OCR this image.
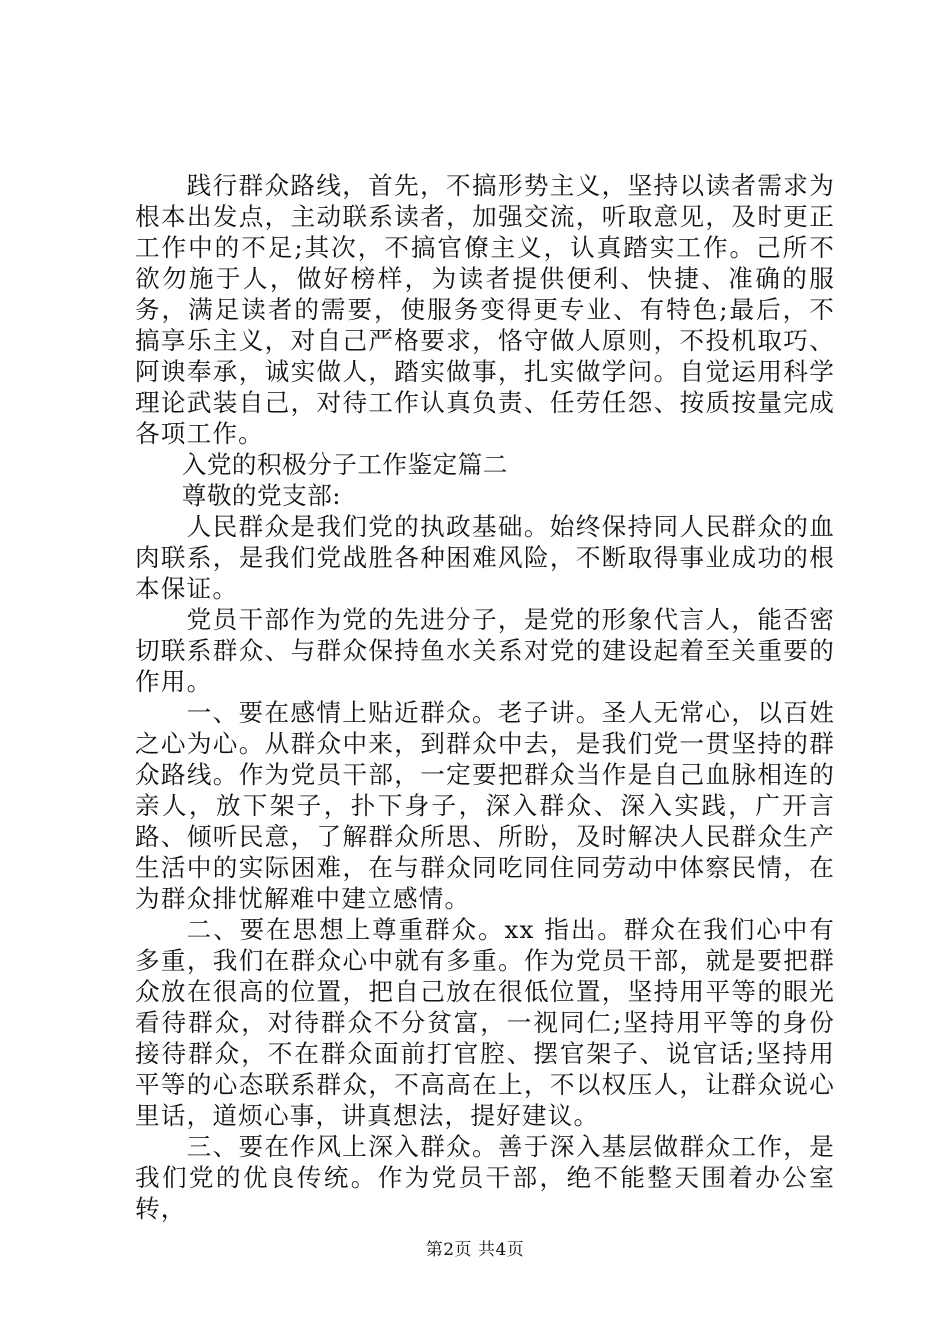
践行群众路线，首先，不搞形势主义，坚持以读者需求为根本出发点，主动联系读者，加强交流，听取意见，及时更正工作中的不足;其次，不搞官僚主义，认真踏实工作。己所不欲勿施于人，做好榜样，为读者提供便利、快捷、准确的服务，满足读者的需要，使服务变得更专业、有特色;最后，不搞享乐主义，对自己严格要求，恪守做人原则，不投机取巧、阿谀奉承，诚实做人，踏实做事，扎实做学问。自觉运用科学理论武装自己，对待工作认真负责、任劳任怨、按质按量完成各项工作。

入党的积极分子工作鉴定篇二

尊敬的党支部:

人民群众是我们党的执政基础。始终保持同人民群众的血肉联系，是我们党战胜各种困难风险，不断取得事业成功的根本保证。

党员干部作为党的先进分子，是党的形象代言人，能否密切联系群众、与群众保持鱼水关系对党的建设起着至关重要的作用。

一、要在感情上贴近群众。老子讲。圣人无常心，以百姓之心为心。从群众中来，到群众中去，是我们党一贯坚持的群众路线。作为党员干部，一定要把群众当作是自己血脉相连的亲人，放下架子，扑下身子，深入群众、深入实践，广开言路、倾听民意，了解群众所思、所盼，及时解决人民群众生产生活中的实际困难，在与群众同吃同住同劳动中体察民情，在为群众排忧解难中建立感情。

二、要在思想上尊重群众。xx 指出。群众在我们心中有多重，我们在群众心中就有多重。作为党员干部，就是要把群众放在很高的位置，把自己放在很低位置，坚持用平等的眼光看待群众，对待群众不分贫富，一视同仁;坚持用平等的身份接待群众，不在群众面前打官腔、摆官架子、说官话;坚持用平等的心态联系群众，不高高在上，不以权压人，让群众说心里话，道烦心事，讲真想法，提好建议。

三、要在作风上深入群众。善于深入基层做群众工作，是我们党的优良传统。作为党员干部，绝不能整天围着办公室转，

第2页 共4页
